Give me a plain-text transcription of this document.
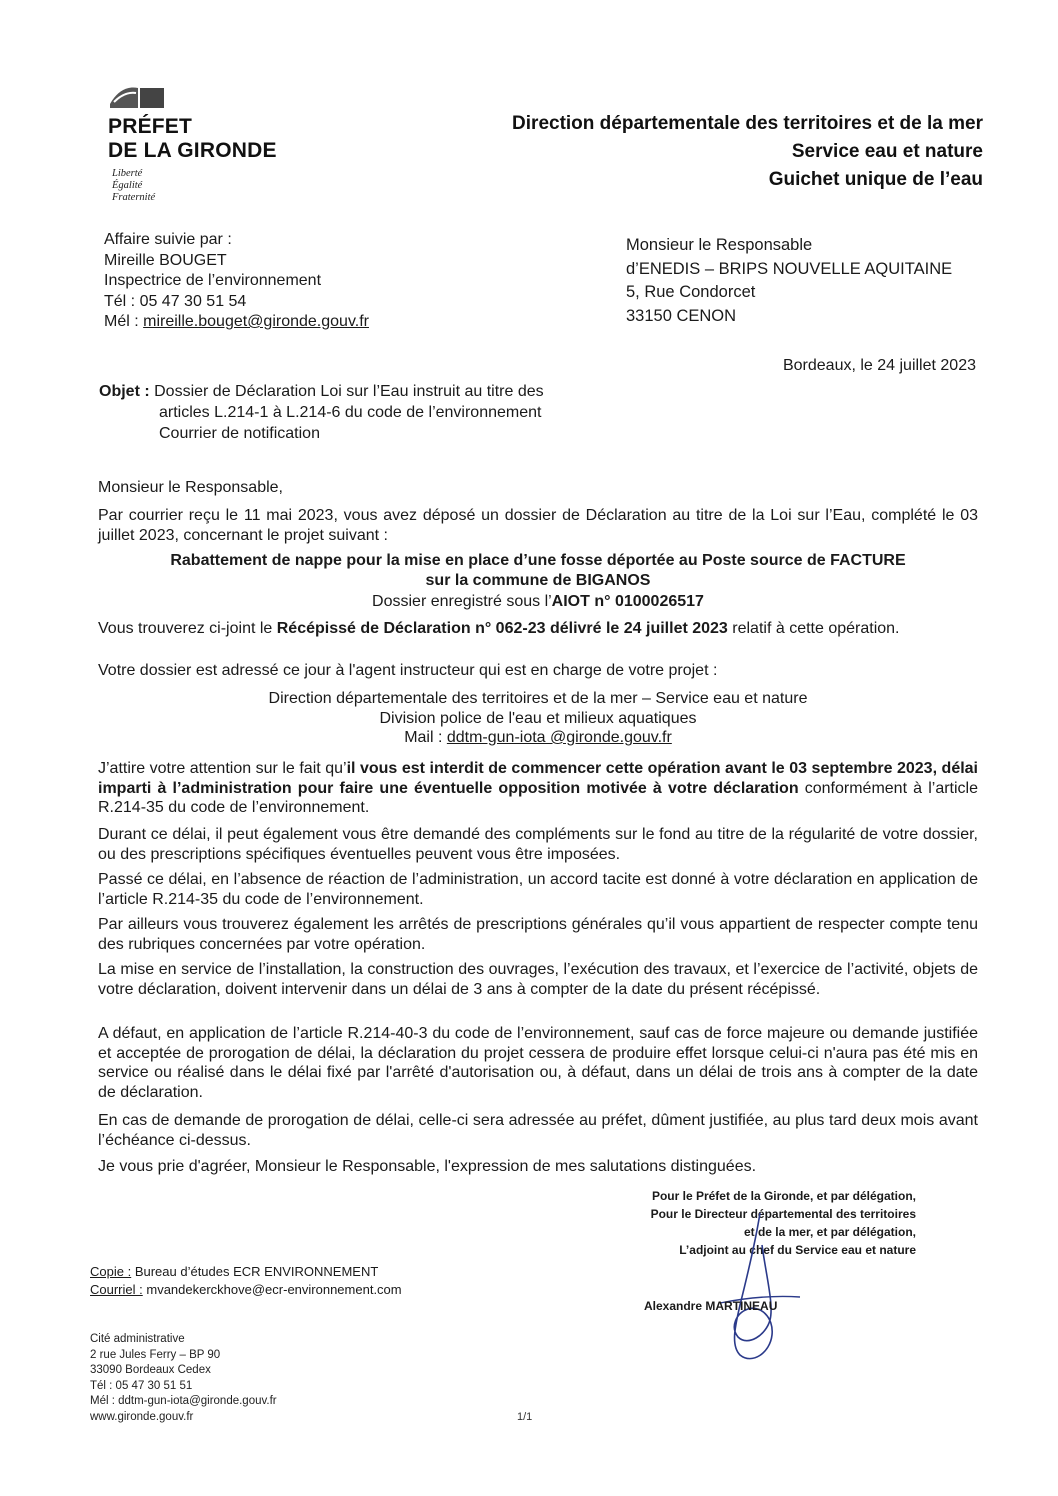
PRÉFET
DE LA GIRONDE
Liberté
Égalité
Fraternité
Direction départementale des territoires et de la mer
Service eau et nature
Guichet unique de l’eau
Affaire suivie par :
Mireille BOUGET
Inspectrice de l’environnement
Tél : 05 47 30 51 54
Mél : mireille.bouget@gironde.gouv.fr
Monsieur le Responsable
d’ENEDIS – BRIPS NOUVELLE AQUITAINE
5, Rue Condorcet
33150 CENON
Bordeaux, le 24 juillet 2023
Objet : Dossier de Déclaration Loi sur l’Eau instruit au titre des
articles L.214-1 à L.214-6 du code de l’environnement
Courrier de notification
Monsieur le Responsable,
Par courrier reçu le 11 mai 2023, vous avez déposé un dossier de Déclaration au titre de la Loi sur l’Eau, complété le 03 juillet 2023, concernant le projet suivant :
Rabattement de nappe pour la mise en place d’une fosse déportée au Poste source de FACTURE
sur la commune de BIGANOS
Dossier enregistré sous l’AIOT n° 0100026517
Vous trouverez ci-joint le Récépissé de Déclaration n° 062-23 délivré le 24 juillet 2023 relatif à cette opération.
Votre dossier est adressé ce jour à l'agent instructeur qui est en charge de votre projet :
Direction départementale des territoires et de la mer – Service eau et nature
Division police de l'eau et milieux aquatiques
Mail : ddtm-gun-iota @gironde.gouv.fr
J’attire votre attention sur le fait qu’il vous est interdit de commencer cette opération avant le 03 septembre 2023, délai imparti à l’administration pour faire une éventuelle opposition motivée à votre déclaration conformément à l’article R.214-35 du code de l’environnement.
Durant ce délai, il peut également vous être demandé des compléments sur le fond au titre de la régularité de votre dossier, ou des prescriptions spécifiques éventuelles peuvent vous être imposées.
Passé ce délai, en l’absence de réaction de l’administration, un accord tacite est donné à votre déclaration en application de l’article R.214-35 du code de l’environnement.
Par ailleurs vous trouverez également les arrêtés de prescriptions générales qu’il vous appartient de respecter compte tenu des rubriques concernées par votre opération.
La mise en service de l’installation, la construction des ouvrages, l’exécution des travaux, et l’exercice de l’activité, objets de votre déclaration, doivent intervenir dans un délai de 3 ans à compter de la date du présent récépissé.
A défaut, en application de l’article R.214-40-3 du code de l’environnement, sauf cas de force majeure ou demande justifiée et acceptée de prorogation de délai, la déclaration du projet cessera de produire effet lorsque celui-ci n'aura pas été mis en service ou réalisé dans le délai fixé par l'arrêté d'autorisation ou, à défaut, dans un délai de trois ans à compter de la date de déclaration.
En cas de demande de prorogation de délai, celle-ci sera adressée au préfet, dûment justifiée, au plus tard deux mois avant l’échéance ci-dessus.
Je vous prie d'agréer, Monsieur le Responsable, l'expression de mes salutations distinguées.
Pour le Préfet de la Gironde, et par délégation,
Pour le Directeur départemental des territoires
et de la mer, et par délégation,
L’adjoint au chef du Service eau et nature
Alexandre MARTINEAU
Copie : Bureau d’études ECR ENVIRONNEMENT
Courriel : mvandekerckhove@ecr-environnement.com
Cité administrative
2 rue Jules Ferry – BP 90
33090 Bordeaux Cedex
Tél : 05 47 30 51 51
Mél : ddtm-gun-iota@gironde.gouv.fr
www.gironde.gouv.fr	1/1
